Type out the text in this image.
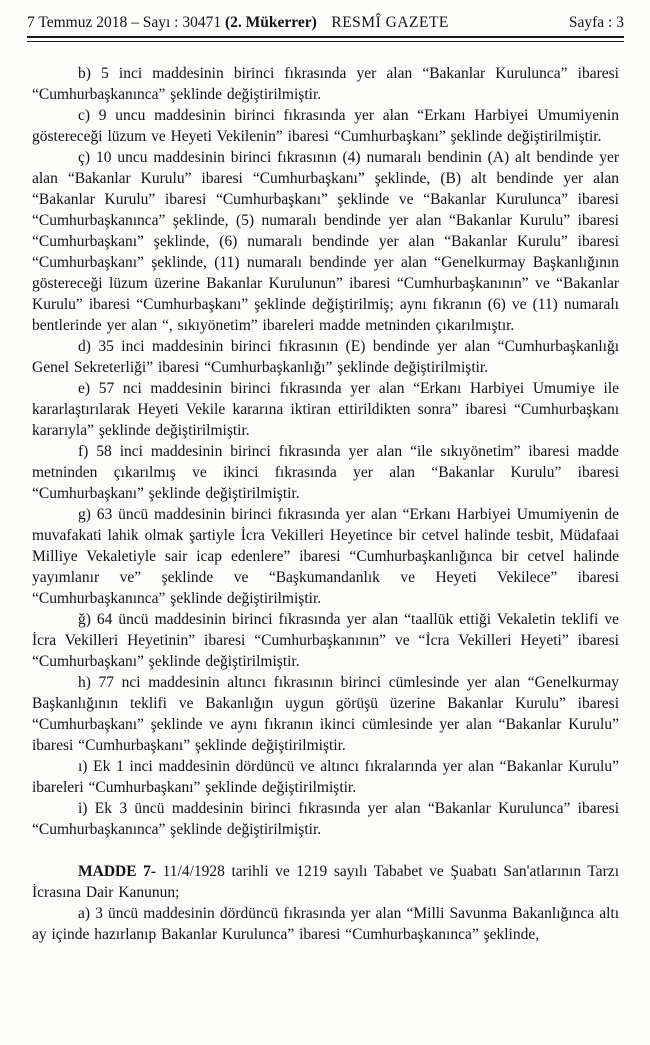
7 Temmuz 2018 – Sayı : 30471 (2. Mükerrer) RESMÎ GAZETE	Sayfa : 3

b) 5 inci maddesinin birinci fıkrasında yer alan “Bakanlar Kurulunca” ibaresi “Cumhurbaşkanınca” şeklinde değiştirilmiştir.

c) 9 uncu maddesinin birinci fıkrasında yer alan “Erkanı Harbiyei Umumiyenin göstereceği lüzum ve Heyeti Vekilenin” ibaresi “Cumhurbaşkanı” şeklinde değiştirilmiştir.

ç) 10 uncu maddesinin birinci fıkrasının (4) numaralı bendinin (A) alt bendinde yer alan “Bakanlar Kurulu” ibaresi “Cumhurbaşkanı” şeklinde, (B) alt bendinde yer alan “Bakanlar Kurulu” ibaresi “Cumhurbaşkanı” şeklinde ve “Bakanlar Kurulunca” ibaresi “Cumhurbaşkanınca” şeklinde, (5) numaralı bendinde yer alan “Bakanlar Kurulu” ibaresi “Cumhurbaşkanı” şeklinde, (6) numaralı bendinde yer alan “Bakanlar Kurulu” ibaresi “Cumhurbaşkanı” şeklinde, (11) numaralı bendinde yer alan “Genelkurmay Başkanlığının göstereceği lüzum üzerine Bakanlar Kurulunun” ibaresi “Cumhurbaşkanının” ve “Bakanlar Kurulu” ibaresi “Cumhurbaşkanı” şeklinde değiştirilmiş; aynı fıkranın (6) ve (11) numaralı bentlerinde yer alan “, sıkıyönetim” ibareleri madde metninden çıkarılmıştır.

d) 35 inci maddesinin birinci fıkrasının (E) bendinde yer alan “Cumhurbaşkanlığı Genel Sekreterliği” ibaresi “Cumhurbaşkanlığı” şeklinde değiştirilmiştir.

e) 57 nci maddesinin birinci fıkrasında yer alan “Erkanı Harbiyei Umumiye ile kararlaştırılarak Heyeti Vekile kararına iktiran ettirildikten sonra” ibaresi “Cumhurbaşkanı kararıyla” şeklinde değiştirilmiştir.

f) 58 inci maddesinin birinci fıkrasında yer alan “ile sıkıyönetim” ibaresi madde metninden çıkarılmış ve ikinci fıkrasında yer alan “Bakanlar Kurulu” ibaresi “Cumhurbaşkanı” şeklinde değiştirilmiştir.

g) 63 üncü maddesinin birinci fıkrasında yer alan “Erkanı Harbiyei Umumiyenin de muvafakati lahik olmak şartiyle İcra Vekilleri Heyetince bir cetvel halinde tesbit, Müdafaai Milliye Vekaletiyle sair icap edenlere” ibaresi “Cumhurbaşkanlığınca bir cetvel halinde yayımlanır ve” şeklinde ve “Başkumandanlık ve Heyeti Vekilece” ibaresi “Cumhurbaşkanınca” şeklinde değiştirilmiştir.

ğ) 64 üncü maddesinin birinci fıkrasında yer alan “taallük ettiği Vekaletin teklifi ve İcra Vekilleri Heyetinin” ibaresi “Cumhurbaşkanının” ve “İcra Vekilleri Heyeti” ibaresi “Cumhurbaşkanı” şeklinde değiştirilmiştir.

h) 77 nci maddesinin altıncı fıkrasının birinci cümlesinde yer alan “Genelkurmay Başkanlığının teklifi ve Bakanlığın uygun görüşü üzerine Bakanlar Kurulu” ibaresi “Cumhurbaşkanı” şeklinde ve aynı fıkranın ikinci cümlesinde yer alan “Bakanlar Kurulu” ibaresi “Cumhurbaşkanı” şeklinde değiştirilmiştir.

ı) Ek 1 inci maddesinin dördüncü ve altıncı fıkralarında yer alan “Bakanlar Kurulu” ibareleri “Cumhurbaşkanı” şeklinde değiştirilmiştir.

i) Ek 3 üncü maddesinin birinci fıkrasında yer alan “Bakanlar Kurulunca” ibaresi “Cumhurbaşkanınca” şeklinde değiştirilmiştir.

MADDE 7- 11/4/1928 tarihli ve 1219 sayılı Tababet ve Şuabatı San'atlarının Tarzı İcrasına Dair Kanunun;

a) 3 üncü maddesinin dördüncü fıkrasında yer alan “Milli Savunma Bakanlığınca altı ay içinde hazırlanıp Bakanlar Kurulunca” ibaresi “Cumhurbaşkanınca” şeklinde,
